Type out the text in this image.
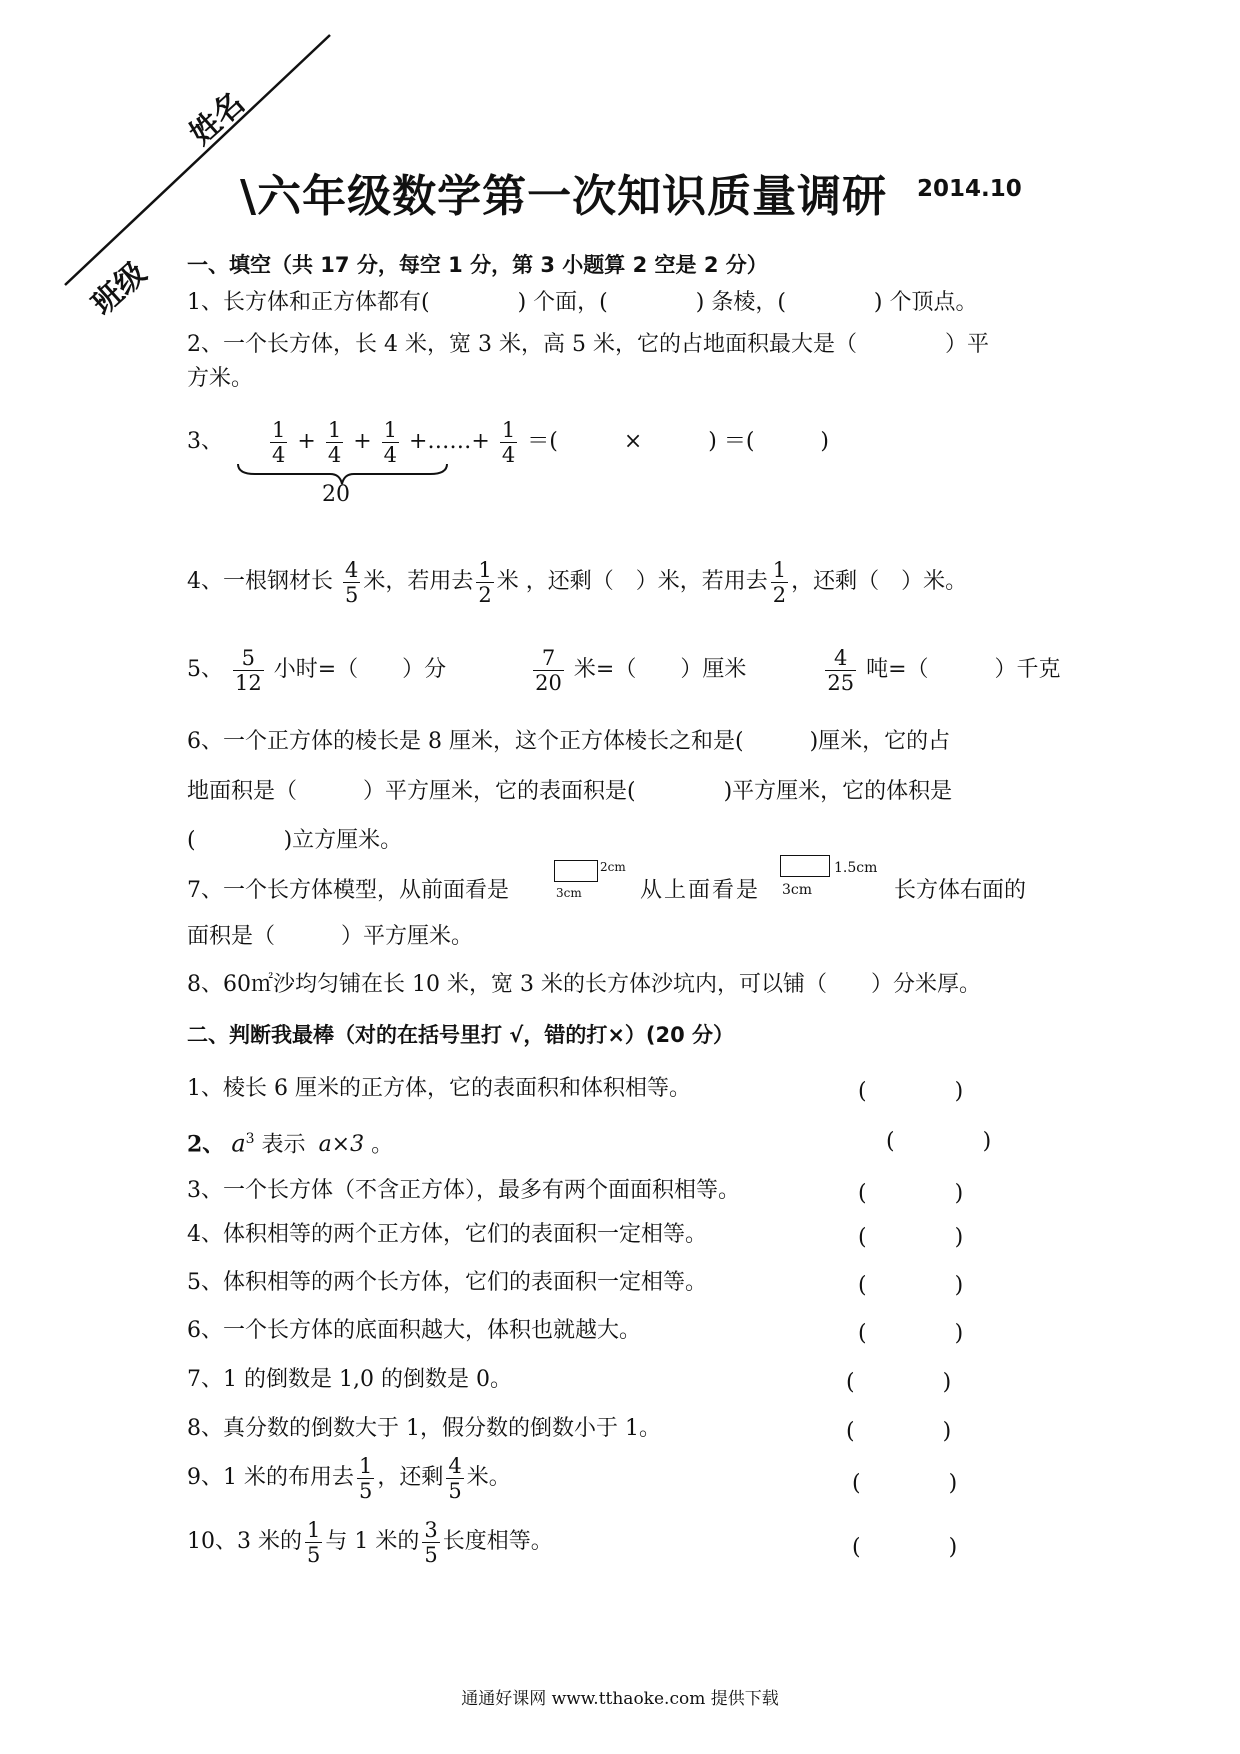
姓名
班级
\六年级数学第一次知识质量调研 2014.10
一、填空（共 17 分，每空 1 分，第 3 小题算 2 空是 2 分）
1、长方体和正方体都有(　　　　) 个面，(　　　　) 条棱，(　　　　) 个顶点。
2、一个长方体，长 4 米，宽 3 米，高 5 米，它的占地面积最大是（　　　　）平
方米。
3、 $\frac{1}{4} + \frac{1}{4} + \frac{1}{4}$ +……+ $\frac{1}{4}$ ＝(　　　×　　　) ＝(　　　)
20
4、一根钢材长 $\frac{4}{5}$ 米，若用去 $\frac{1}{2}$ 米 ，还剩（　）米，若用去 $\frac{1}{2}$ ，还剩（　）米。
5、 $\frac{5}{12}$ 小时=（　　）分	$\frac{7}{20}$ 米=（　　）厘米	$\frac{4}{25}$ 吨=（　　　）千克
6、一个正方体的棱长是 8 厘米，这个正方体棱长之和是(　　　)厘米，它的占
地面积是（　　　）平方厘米，它的表面积是(　　　　)平方厘米，它的体积是
(　　　　)立方厘米。
7、一个长方体模型，从前面看是
2cm
3cm	从上面看是
1.5cm
3cm	长方体右面的
面积是（　　　）平方厘米。
8、60㎡沙均匀铺在长 10 米，宽 3 米的长方体沙坑内，可以铺（　　）分米厚。
二、判断我最棒（对的在括号里打 √，错的打×）(20 分）
1、棱长 6 厘米的正方体，它的表面积和体积相等。	(　　　　)
2、 $a^3$ 表示 a×3 。	(　　　　)
3、一个长方体（不含正方体），最多有两个面面积相等。	(　　　　)
4、体积相等的两个正方体，它们的表面积一定相等。	(　　　　)
5、体积相等的两个长方体，它们的表面积一定相等。	(　　　　)
6、一个长方体的底面积越大，体积也就越大。	(　　　　)
7、1 的倒数是 1,0 的倒数是 0。	(　　　　)
8、真分数的倒数大于 1，假分数的倒数小于 1。	(　　　　)
9、1 米的布用去 $\frac{1}{5}$ ，还剩 $\frac{4}{5}$ 米。	(　　　　)
10、3 米的 $\frac{1}{5}$ 与 1 米的 $\frac{3}{5}$ 长度相等。	(　　　　)
通通好课网 www.tthaoke.com 提供下载
